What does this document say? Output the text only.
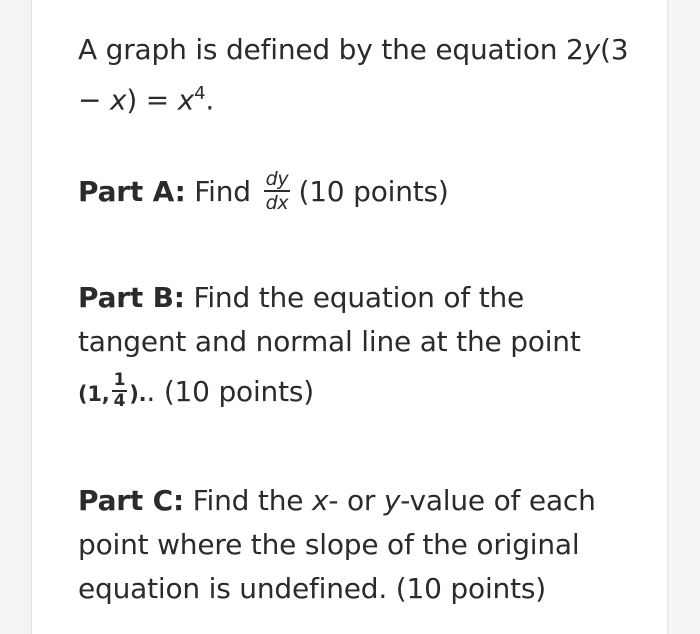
A graph is defined by the equation 2y(3
− $x) = x^4$.
Part A: Find $\frac{dy}{dx} (10$ points)
Part B: Find the equation of the
tangent and normal line at the point
(1, $\frac{1}{4}$ ).. (10 points)
Part C: Find the x- or y-value of each
point where the slope of the original
equation is undefined. (10 points)
